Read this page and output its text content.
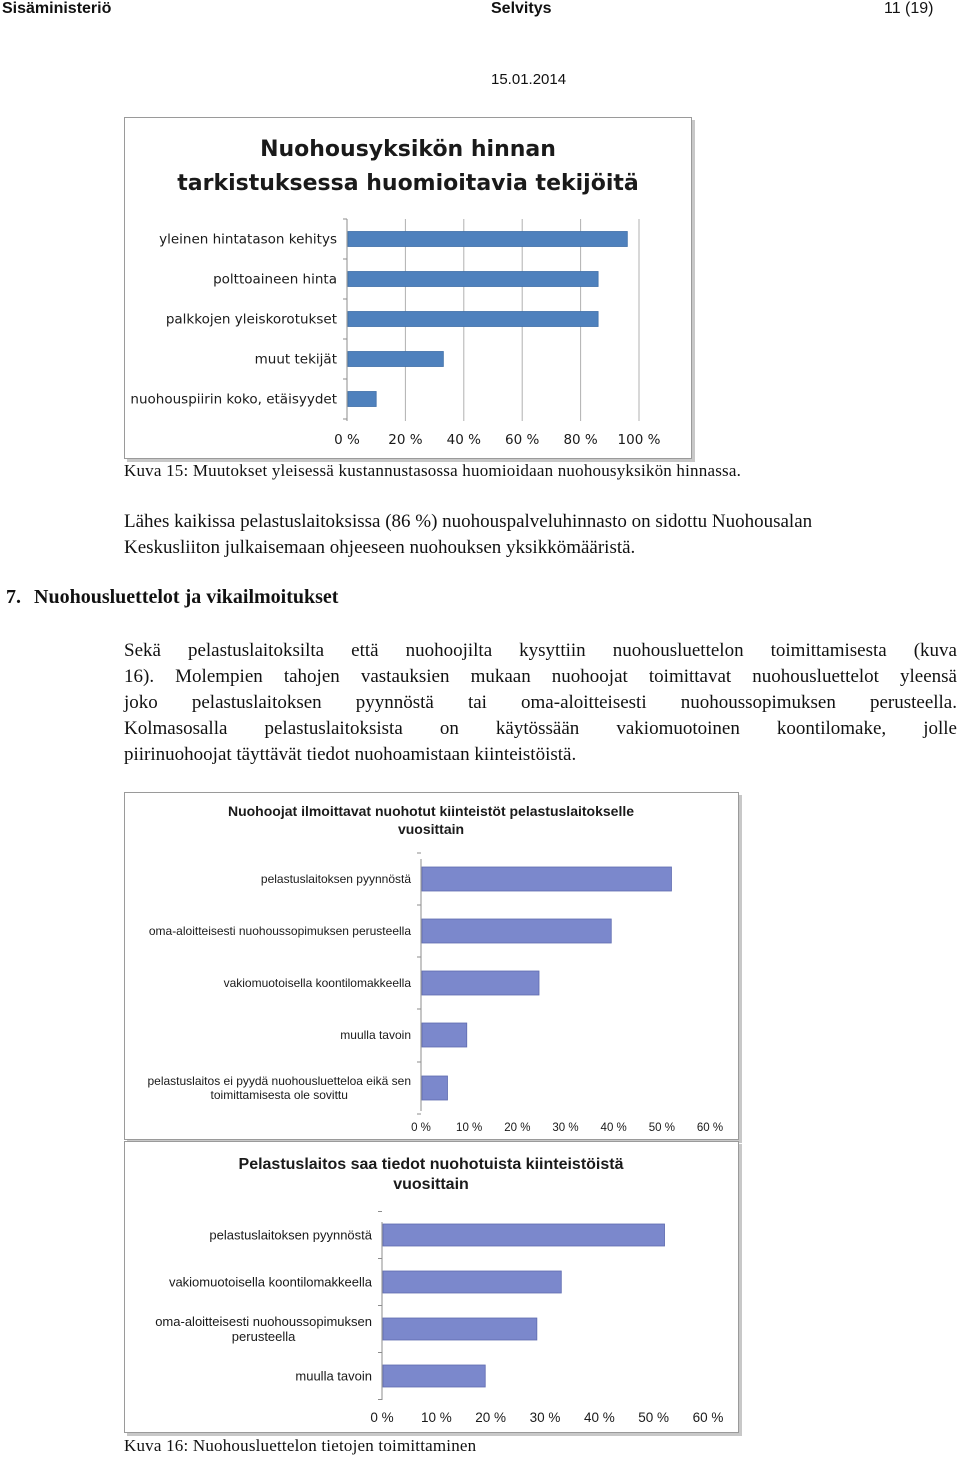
Sisäministeriö	Selvitys	11 (19)
15.01.2014
Nuohousyksikön hinnan
tarkistuksessa huomioitavia tekijöitä
yleinen hintatason kehitys
polttoaineen hinta
palkkojen yleiskorotukset
muut tekijät
nuohouspiirin koko, etäisyydet
0 % 20 % 40 % 60 % 80 % 100 %
Kuva 15: Muutokset yleisessä kustannustasossa huomioidaan nuohousyksikön hinnassa.
Lähes kaikissa pelastuslaitoksissa (86 %) nuohouspalveluhinnasto on sidottu Nuohousalan
Keskusliiton julkaisemaan ohjeeseen nuohouksen yksikkömääristä.
7. Nuohousluettelot ja vikailmoitukset
Sekä pelastuslaitoksilta että nuohoojilta kysyttiin nuohousluettelon toimittamisesta (kuva
16). Molempien tahojen vastauksien mukaan nuohoojat toimittavat nuohousluettelot yleensä
joko pelastuslaitoksen pyynnöstä tai oma-aloitteisesti nuohoussopimuksen perusteella.
Kolmasosalla pelastuslaitoksista on käytössään vakiomuotoinen koontilomake, jolle
piirinuohoojat täyttävät tiedot nuohoamistaan kiinteistöistä.
Nuohoojat ilmoittavat nuohotut kiinteistöt pelastuslaitokselle
vuosittain
pelastuslaitoksen pyynnöstä
oma-aloitteisesti nuohoussopimuksen perusteella
vakiomuotoisella koontilomakkeella
muulla tavoin
pelastuslaitos ei pyydä nuohousluetteloa eikä sen
toimittamisesta ole sovittu
0 % 10 % 20 % 30 % 40 % 50 % 60 %
Pelastuslaitos saa tiedot nuohotuista kiinteistöistä
vuosittain
pelastuslaitoksen pyynnöstä
vakiomuotoisella koontilomakkeella
oma-aloitteisesti nuohoussopimuksen
perusteella
muulla tavoin
0 % 10 % 20 % 30 % 40 % 50 % 60 %
Kuva 16: Nuohousluettelon tietojen toimittaminen
